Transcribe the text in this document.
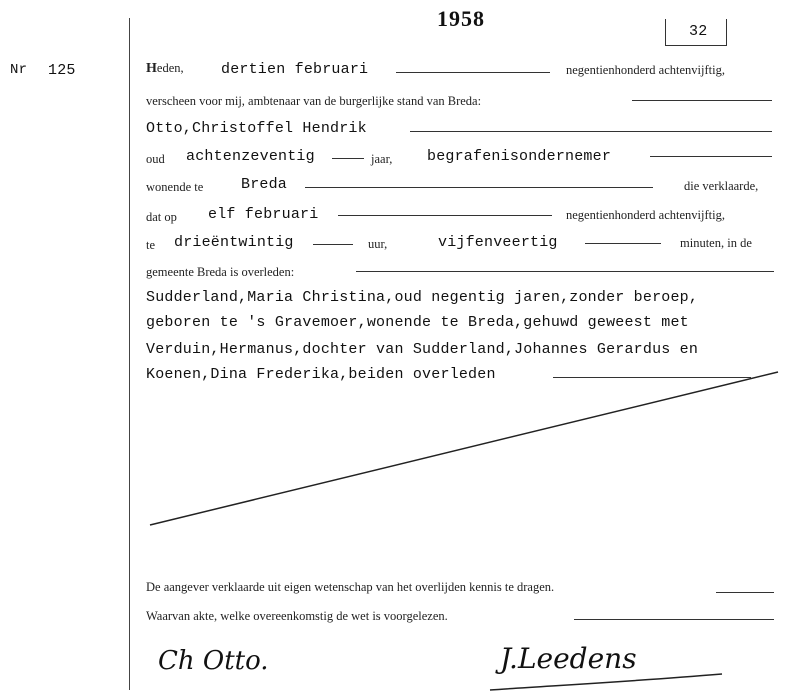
1958
32
Nr 125	Heden, dertien februari	negentienhonderd achtenvijftig,
verscheen voor mij, ambtenaar van de burgerlijke stand van Breda:
Otto,Christoffel Hendrik
oud achtenzeventig	jaar, begrafenisondernemer
wonende te	Breda	die verklaarde,
dat op elf februari	negentienhonderd achtenvijftig,
te drieëntwintig	uur,	vijfenveertig	minuten, in de
gemeente Breda is overleden:
Sudderland,Maria Christina,oud negentig jaren,zonder beroep,
geboren te 's Gravemoer,wonende te Breda,gehuwd geweest met
Verduin,Hermanus,dochter van Sudderland,Johannes Gerardus en
Koenen,Dina Frederika,beiden overleden
De aangever verklaarde uit eigen wetenschap van het overlijden kennis te dragen.
Waarvan akte, welke overeenkomstig de wet is voorgelezen.
Ch Otto.	J.Leedens
